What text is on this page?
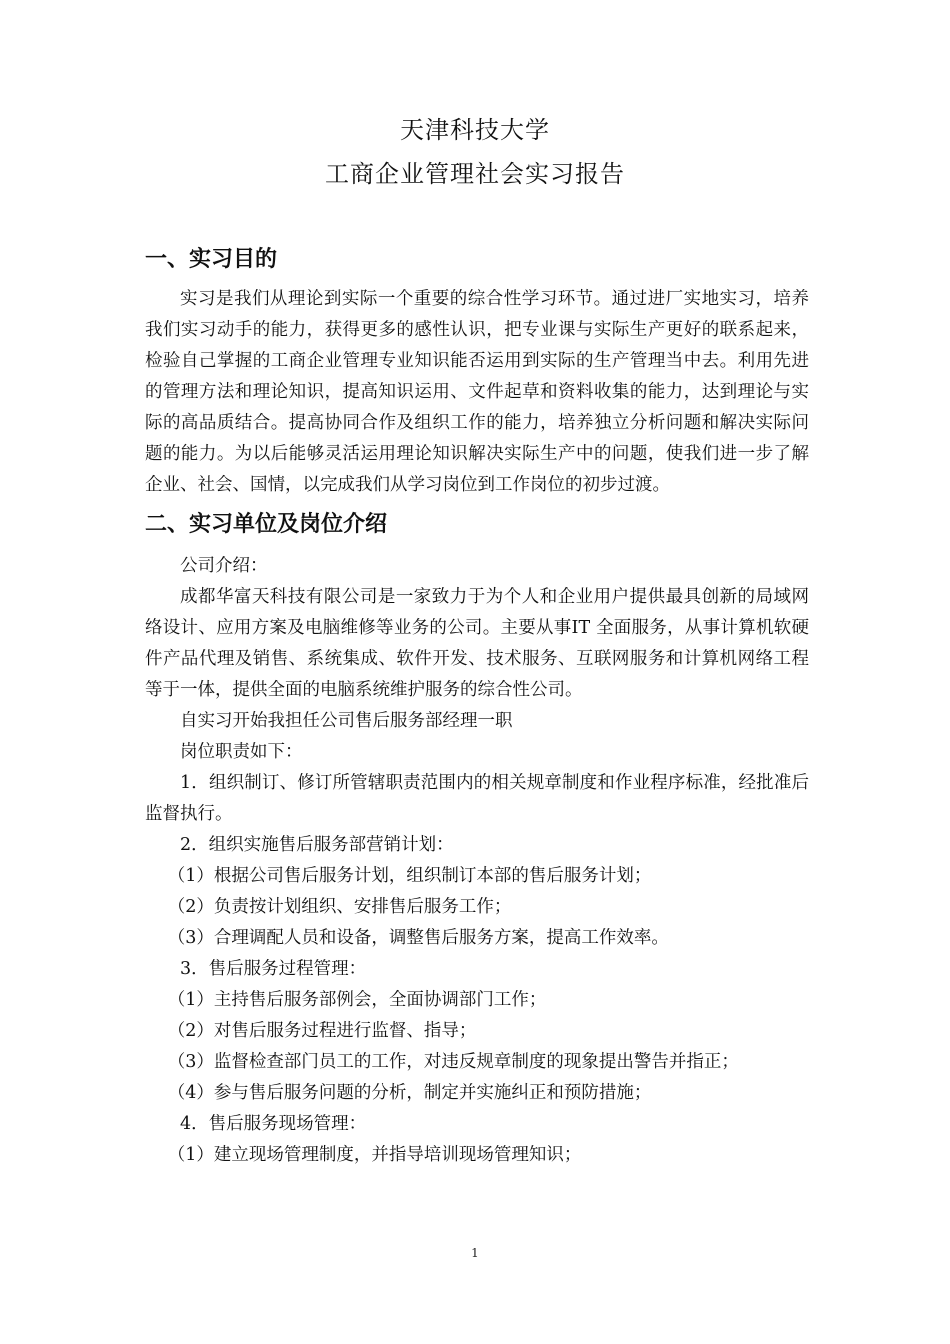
天津科技大学
工商企业管理社会实习报告
一、实习目的

实习是我们从理论到实际一个重要的综合性学习环节。通过进厂实地实习，培养我们实习动手的能力，获得更多的感性认识，把专业课与实际生产更好的联系起来，检验自己掌握的工商企业管理专业知识能否运用到实际的生产管理当中去。利用先进的管理方法和理论知识，提高知识运用、文件起草和资料收集的能力，达到理论与实际的高品质结合。提高协同合作及组织工作的能力，培养独立分析问题和解决实际问题的能力。为以后能够灵活运用理论知识解决实际生产中的问题，使我们进一步了解企业、社会、国情，以完成我们从学习岗位到工作岗位的初步过渡。

二、实习单位及岗位介绍

公司介绍：

成都华富天科技有限公司是一家致力于为个人和企业用户提供最具创新的局域网络设计、应用方案及电脑维修等业务的公司。主要从事IT 全面服务，从事计算机软硬件产品代理及销售、系统集成、软件开发、技术服务、互联网服务和计算机网络工程等于一体，提供全面的电脑系统维护服务的综合性公司。

自实习开始我担任公司售后服务部经理一职

岗位职责如下：

1．组织制订、修订所管辖职责范围内的相关规章制度和作业程序标准，经批准后监督执行。

2．组织实施售后服务部营销计划：

（1）根据公司售后服务计划，组织制订本部的售后服务计划；

（2）负责按计划组织、安排售后服务工作；

（3）合理调配人员和设备，调整售后服务方案，提高工作效率。

3．售后服务过程管理：

（1）主持售后服务部例会，全面协调部门工作；

（2）对售后服务过程进行监督、指导；

（3）监督检查部门员工的工作，对违反规章制度的现象提出警告并指正；

（4）参与售后服务问题的分析，制定并实施纠正和预防措施；

4．售后服务现场管理：

（1）建立现场管理制度，并指导培训现场管理知识；

1
